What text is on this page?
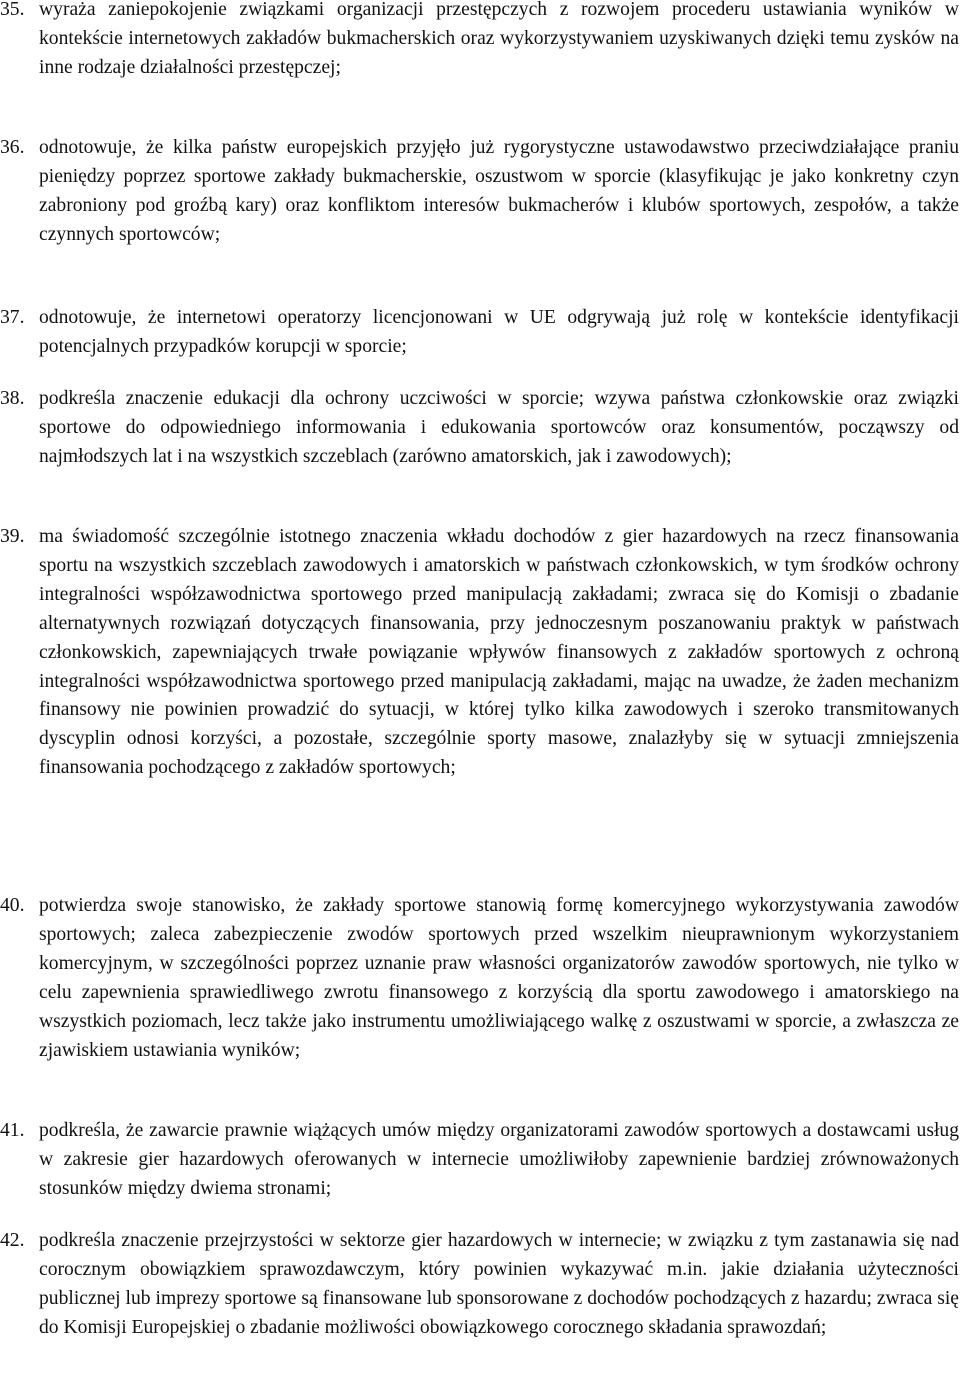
35. wyraża zaniepokojenie związkami organizacji przestępczych z rozwojem procederu ustawiania wyników w kontekście internetowych zakładów bukmacherskich oraz wykorzystywaniem uzyskiwanych dzięki temu zysków na inne rodzaje działalności przestępczej;
36. odnotowuje, że kilka państw europejskich przyjęło już rygorystyczne ustawodawstwo przeciwdziałające praniu pieniędzy poprzez sportowe zakłady bukmacherskie, oszustwom w sporcie (klasyfikując je jako konkretny czyn zabroniony pod groźbą kary) oraz konfliktom interesów bukmacherów i klubów sportowych, zespołów, a także czynnych sportowców;
37. odnotowuje, że internetowi operatorzy licencjonowani w UE odgrywają już rolę w kontekście identyfikacji potencjalnych przypadków korupcji w sporcie;
38. podkreśla znaczenie edukacji dla ochrony uczciwości w sporcie; wzywa państwa członkowskie oraz związki sportowe do odpowiedniego informowania i edukowania sportowców oraz konsumentów, począwszy od najmłodszych lat i na wszystkich szczeblach (zarówno amatorskich, jak i zawodowych);
39. ma świadomość szczególnie istotnego znaczenia wkładu dochodów z gier hazardowych na rzecz finansowania sportu na wszystkich szczeblach zawodowych i amatorskich w państwach członkowskich, w tym środków ochrony integralności współzawodnictwa sportowego przed manipulacją zakładami; zwraca się do Komisji o zbadanie alternatywnych rozwiązań dotyczących finansowania, przy jednoczesnym poszanowaniu praktyk w państwach członkowskich, zapewniających trwałe powiązanie wpływów finansowych z zakładów sportowych z ochroną integralności współzawodnictwa sportowego przed manipulacją zakładami, mając na uwadze, że żaden mechanizm finansowy nie powinien prowadzić do sytuacji, w której tylko kilka zawodowych i szeroko transmitowanych dyscyplin odnosi korzyści, a pozostałe, szczególnie sporty masowe, znalazłyby się w sytuacji zmniejszenia finansowania pochodzącego z zakładów sportowych;
40. potwierdza swoje stanowisko, że zakłady sportowe stanowią formę komercyjnego wykorzystywania zawodów sportowych; zaleca zabezpieczenie zwodów sportowych przed wszelkim nieuprawnionym wykorzystaniem komercyjnym, w szczególności poprzez uznanie praw własności organizatorów zawodów sportowych, nie tylko w celu zapewnienia sprawiedliwego zwrotu finansowego z korzyścią dla sportu zawodowego i amatorskiego na wszystkich poziomach, lecz także jako instrumentu umożliwiającego walkę z oszustwami w sporcie, a zwłaszcza ze zjawiskiem ustawiania wyników;
41. podkreśla, że zawarcie prawnie wiążących umów między organizatorami zawodów sportowych a dostawcami usług w zakresie gier hazardowych oferowanych w internecie umożliwiłoby zapewnienie bardziej zrównoważonych stosunków między dwiema stronami;
42. podkreśla znaczenie przejrzystości w sektorze gier hazardowych w internecie; w związku z tym zastanawia się nad corocznym obowiązkiem sprawozdawczym, który powinien wykazywać m.in. jakie działania użyteczności publicznej lub imprezy sportowe są finansowane lub sponsorowane z dochodów pochodzących z hazardu; zwraca się do Komisji Europejskiej o zbadanie możliwości obowiązkowego corocznego składania sprawozdań;
